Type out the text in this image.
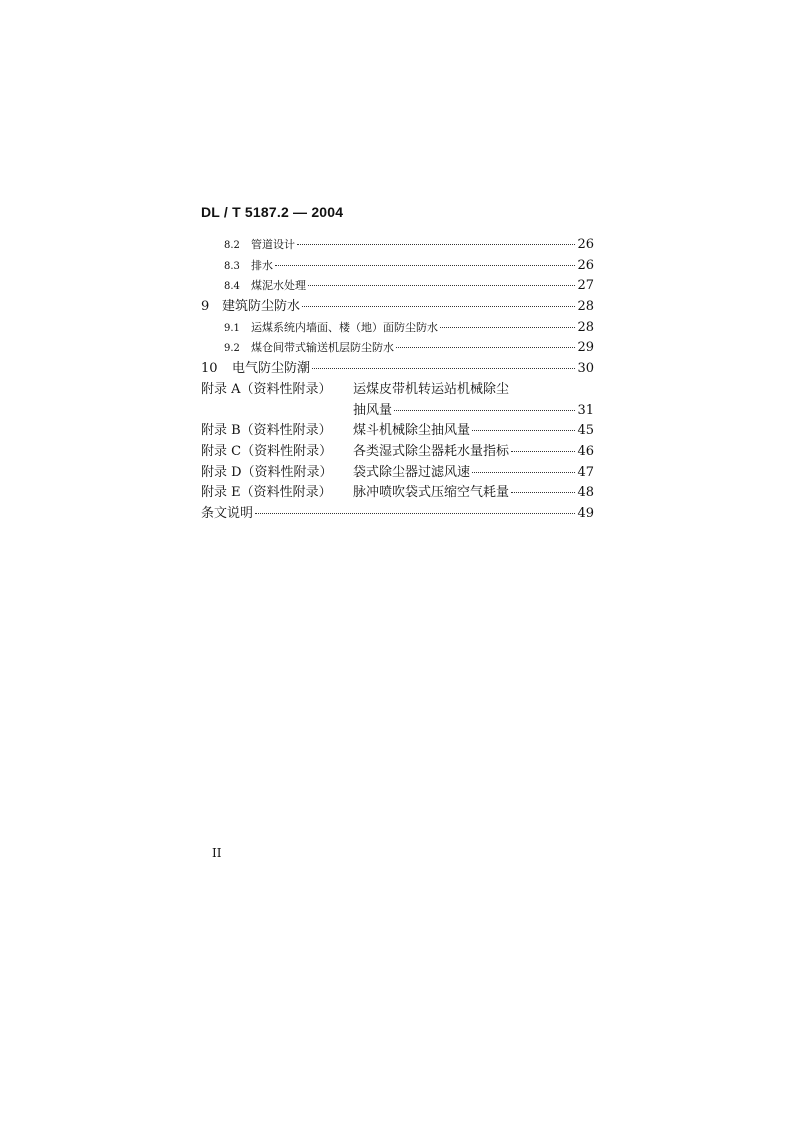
DL / T 5187.2 — 2004
8.2	管道设计	26
8.3	排水	26
8.4	煤泥水处理	27
9 建筑防尘防水	28
9.1	运煤系统内墙面、楼（地）面防尘防水	28
9.2	煤仓间带式输送机层防尘防水	29
10	电气防尘防潮	30
附录 A（资料性附录）	运煤皮带机转运站机械除尘
抽风量	31
附录 B（资料性附录）	煤斗机械除尘抽风量	45
附录 C（资料性附录）	各类湿式除尘器耗水量指标	46
附录 D（资料性附录）	袋式除尘器过滤风速	47
附录 E（资料性附录）	脉冲喷吹袋式压缩空气耗量	48
条文说明	49
II
